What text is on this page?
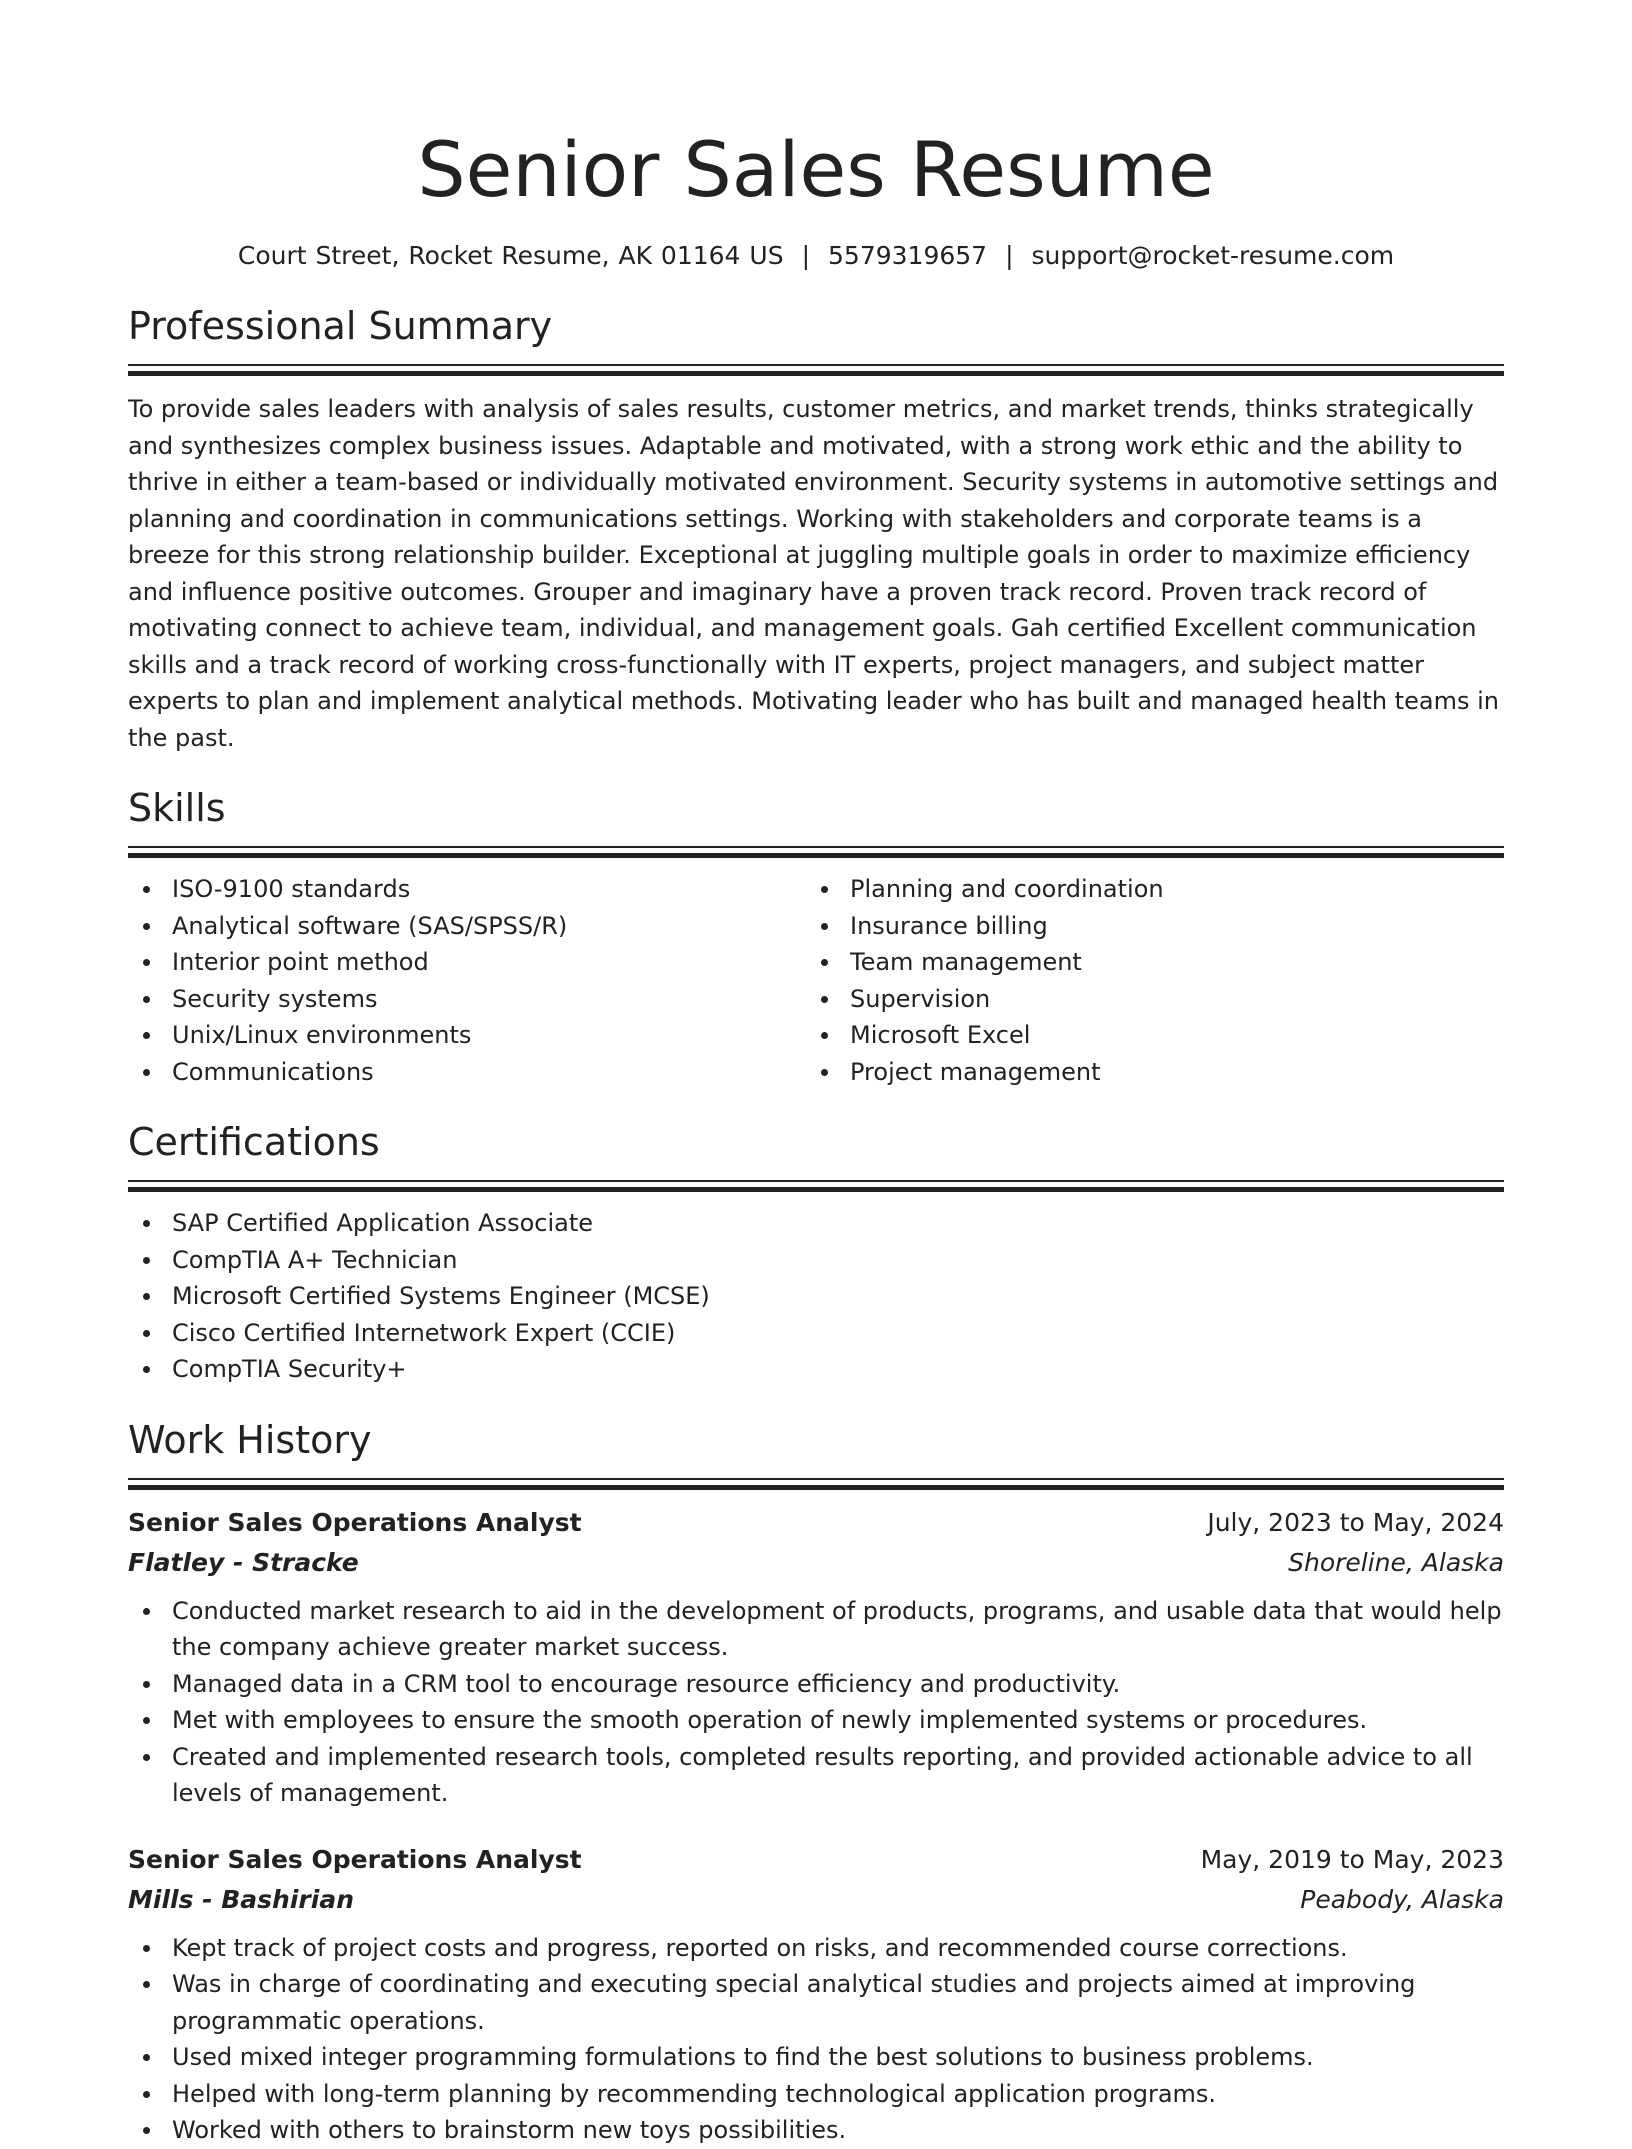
Senior Sales Resume
Court Street, Rocket Resume, AK 01164 US | 5579319657 | support@rocket-resume.com
Professional Summary

To provide sales leaders with analysis of sales results, customer metrics, and market trends, thinks strategically and synthesizes complex business issues. Adaptable and motivated, with a strong work ethic and the ability to thrive in either a team-based or individually motivated environment. Security systems in automotive settings and planning and coordination in communications settings. Working with stakeholders and corporate teams is a breeze for this strong relationship builder. Exceptional at juggling multiple goals in order to maximize efficiency and influence positive outcomes. Grouper and imaginary have a proven track record. Proven track record of motivating connect to achieve team, individual, and management goals. Gah certified Excellent communication skills and a track record of working cross-functionally with IT experts, project managers, and subject matter experts to plan and implement analytical methods. Motivating leader who has built and managed health teams in the past.

Skills
ISO-9100 standards
Analytical software (SAS/SPSS/R)
Interior point method
Security systems
Unix/Linux environments
Communications
Planning and coordination
Insurance billing
Team management
Supervision
Microsoft Excel
Project management
Certifications
SAP Certified Application Associate
CompTIA A+ Technician
Microsoft Certified Systems Engineer (MCSE)
Cisco Certified Internetwork Expert (CCIE)
CompTIA Security+
Work History
Senior Sales Operations Analyst	July, 2023 to May, 2024
Flatley - Stracke	Shoreline, Alaska
Conducted market research to aid in the development of products, programs, and usable data that would help the company achieve greater market success.
Managed data in a CRM tool to encourage resource efficiency and productivity.
Met with employees to ensure the smooth operation of newly implemented systems or procedures.
Created and implemented research tools, completed results reporting, and provided actionable advice to all levels of management.
Senior Sales Operations Analyst	May, 2019 to May, 2023
Mills - Bashirian	Peabody, Alaska
Kept track of project costs and progress, reported on risks, and recommended course corrections.
Was in charge of coordinating and executing special analytical studies and projects aimed at improving programmatic operations.
Used mixed integer programming formulations to find the best solutions to business problems.
Helped with long-term planning by recommending technological application programs.
Worked with others to brainstorm new toys possibilities.
